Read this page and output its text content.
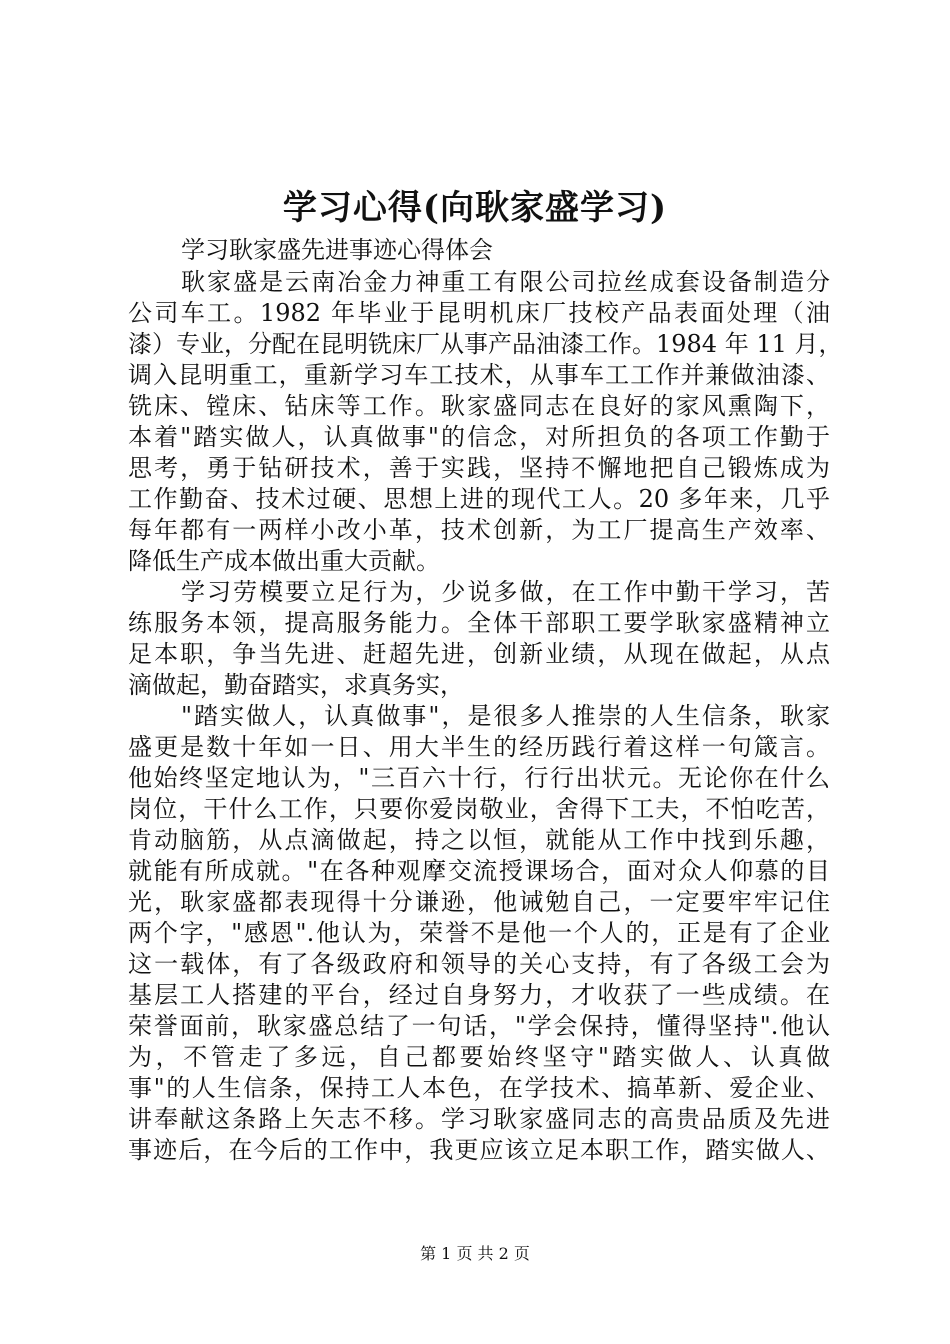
学习心得(向耿家盛学习)
学习耿家盛先进事迹心得体会
耿家盛是云南冶金力神重工有限公司拉丝成套设备制造分
公司车工。1982 年毕业于昆明机床厂技校产品表面处理（油
漆）专业，分配在昆明铣床厂从事产品油漆工作。1984 年 11 月，
调入昆明重工，重新学习车工技术，从事车工工作并兼做油漆、
铣床、镗床、钻床等工作。耿家盛同志在良好的家风熏陶下，
本着"踏实做人，认真做事"的信念，对所担负的各项工作勤于
思考，勇于钻研技术，善于实践，坚持不懈地把自己锻炼成为
工作勤奋、技术过硬、思想上进的现代工人。20 多年来，几乎
每年都有一两样小改小革，技术创新，为工厂提高生产效率、
降低生产成本做出重大贡献。
学习劳模要立足行为，少说多做，在工作中勤干学习，苦
练服务本领，提高服务能力。全体干部职工要学耿家盛精神立
足本职，争当先进、赶超先进，创新业绩，从现在做起，从点
滴做起，勤奋踏实，求真务实，
"踏实做人，认真做事"，是很多人推崇的人生信条，耿家
盛更是数十年如一日、用大半生的经历践行着这样一句箴言。
他始终坚定地认为，"三百六十行，行行出状元。无论你在什么
岗位，干什么工作，只要你爱岗敬业，舍得下工夫，不怕吃苦，
肯动脑筋，从点滴做起，持之以恒，就能从工作中找到乐趣，
就能有所成就。"在各种观摩交流授课场合，面对众人仰慕的目
光，耿家盛都表现得十分谦逊，他诫勉自己，一定要牢牢记住
两个字，"感恩".他认为，荣誉不是他一个人的，正是有了企业
这一载体，有了各级政府和领导的关心支持，有了各级工会为
基层工人搭建的平台，经过自身努力，才收获了一些成绩。在
荣誉面前，耿家盛总结了一句话，"学会保持，懂得坚持".他认
为，不管走了多远，自己都要始终坚守"踏实做人、认真做
事"的人生信条，保持工人本色，在学技术、搞革新、爱企业、
讲奉献这条路上矢志不移。学习耿家盛同志的高贵品质及先进
事迹后，在今后的工作中，我更应该立足本职工作，踏实做人、
第 1 页 共 2 页
